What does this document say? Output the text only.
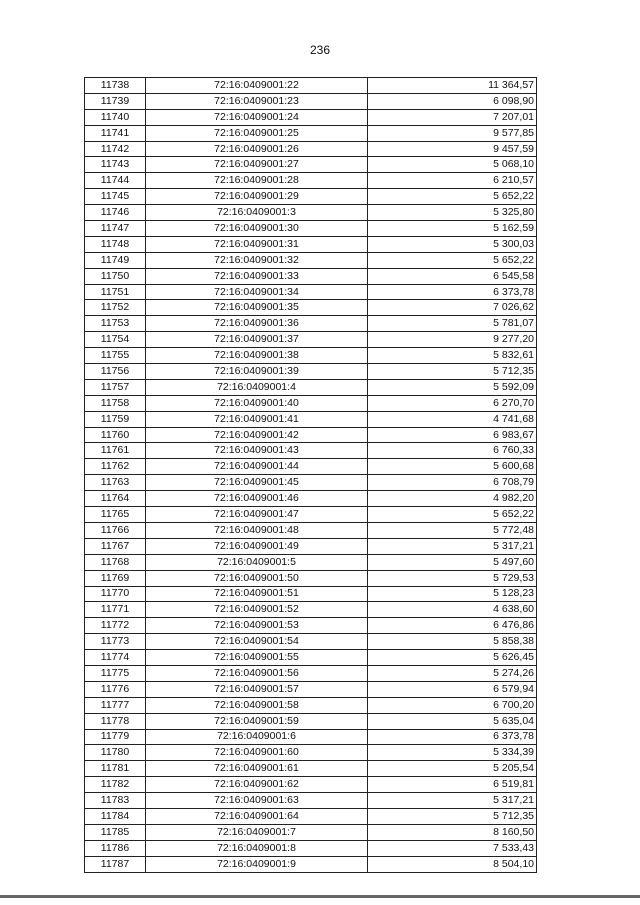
236
11738	72:16:0409001:22	11 364,57
11739	72:16:0409001:23	6 098,90
11740	72:16:0409001:24	7 207,01
11741	72:16:0409001:25	9 577,85
11742	72:16:0409001:26	9 457,59
11743	72:16:0409001:27	5 068,10
11744	72:16:0409001:28	6 210,57
11745	72:16:0409001:29	5 652,22
11746	72:16:0409001:3	5 325,80
11747	72:16:0409001:30	5 162,59
11748	72:16:0409001:31	5 300,03
11749	72:16:0409001:32	5 652,22
11750	72:16:0409001:33	6 545,58
11751	72:16:0409001:34	6 373,78
11752	72:16:0409001:35	7 026,62
11753	72:16:0409001:36	5 781,07
11754	72:16:0409001:37	9 277,20
11755	72:16:0409001:38	5 832,61
11756	72:16:0409001:39	5 712,35
11757	72:16:0409001:4	5 592,09
11758	72:16:0409001:40	6 270,70
11759	72:16:0409001:41	4 741,68
11760	72:16:0409001:42	6 983,67
11761	72:16:0409001:43	6 760,33
11762	72:16:0409001:44	5 600,68
11763	72:16:0409001:45	6 708,79
11764	72:16:0409001:46	4 982,20
11765	72:16:0409001:47	5 652,22
11766	72:16:0409001:48	5 772,48
11767	72:16:0409001:49	5 317,21
11768	72:16:0409001:5	5 497,60
11769	72:16:0409001:50	5 729,53
11770	72:16:0409001:51	5 128,23
11771	72:16:0409001:52	4 638,60
11772	72:16:0409001:53	6 476,86
11773	72:16:0409001:54	5 858,38
11774	72:16:0409001:55	5 626,45
11775	72:16:0409001:56	5 274,26
11776	72:16:0409001:57	6 579,94
11777	72:16:0409001:58	6 700,20
11778	72:16:0409001:59	5 635,04
11779	72:16:0409001:6	6 373,78
11780	72:16:0409001:60	5 334,39
11781	72:16:0409001:61	5 205,54
11782	72:16:0409001:62	6 519,81
11783	72:16:0409001:63	5 317,21
11784	72:16:0409001:64	5 712,35
11785	72:16:0409001:7	8 160,50
11786	72:16:0409001:8	7 533,43
11787	72:16:0409001:9	8 504,10
